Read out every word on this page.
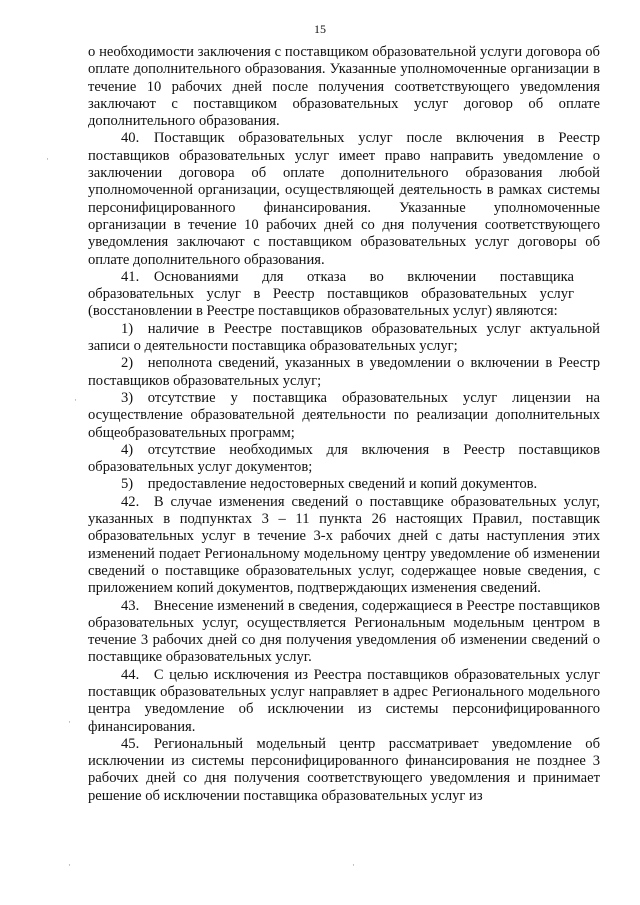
15
·
·
·
·	·

о необходимости заключения с поставщиком образовательной услуги договора об оплате дополнительного образования. Указанные уполномоченные организации в течение 10 рабочих дней после получения соответствующего уведомления заключают с поставщиком образовательных услуг договор об оплате дополнительного образования.

40. Поставщик образовательных услуг после включения в Реестр поставщиков образовательных услуг имеет право направить уведомление о заключении договора об оплате дополнительного образования любой уполномоченной организации, осуществляющей деятельность в рамках системы персонифицированного финансирования. Указанные уполномоченные организации в течение 10 рабочих дней со дня получения соответствующего уведомления заключают с поставщиком образовательных услуг договоры об оплате дополнительного образования.

41. Основаниями для отказа во включении поставщика образовательных услуг в Реестр поставщиков образовательных услуг (восстановлении в Реестре поставщиков образовательных услуг) являются:

1) наличие в Реестре поставщиков образовательных услуг актуальной записи о деятельности поставщика образовательных услуг;

2) неполнота сведений, указанных в уведомлении о включении в Реестр поставщиков образовательных услуг;

3) отсутствие у поставщика образовательных услуг лицензии на осуществление образовательной деятельности по реализации дополнительных общеобразовательных программ;

4) отсутствие необходимых для включения в Реестр поставщиков образовательных услуг документов;

5) предоставление недостоверных сведений и копий документов.

42. В случае изменения сведений о поставщике образовательных услуг, указанных в подпунктах 3 – 11 пункта 26 настоящих Правил, поставщик образовательных услуг в течение 3-х рабочих дней с даты наступления этих изменений подает Региональному модельному центру уведомление об изменении сведений о поставщике образовательных услуг, содержащее новые сведения, с приложением копий документов, подтверждающих изменения сведений.

43. Внесение изменений в сведения, содержащиеся в Реестре поставщиков образовательных услуг, осуществляется Региональным модельным центром в течение 3 рабочих дней со дня получения уведомления об изменении сведений о поставщике образовательных услуг.

44. С целью исключения из Реестра поставщиков образовательных услуг поставщик образовательных услуг направляет в адрес Регионального модельного центра уведомление об исключении из системы персонифицированного финансирования.

45. Региональный модельный центр рассматривает уведомление об исключении из системы персонифицированного финансирования не позднее 3 рабочих дней со дня получения соответствующего уведомления и принимает решение об исключении поставщика образовательных услуг из
